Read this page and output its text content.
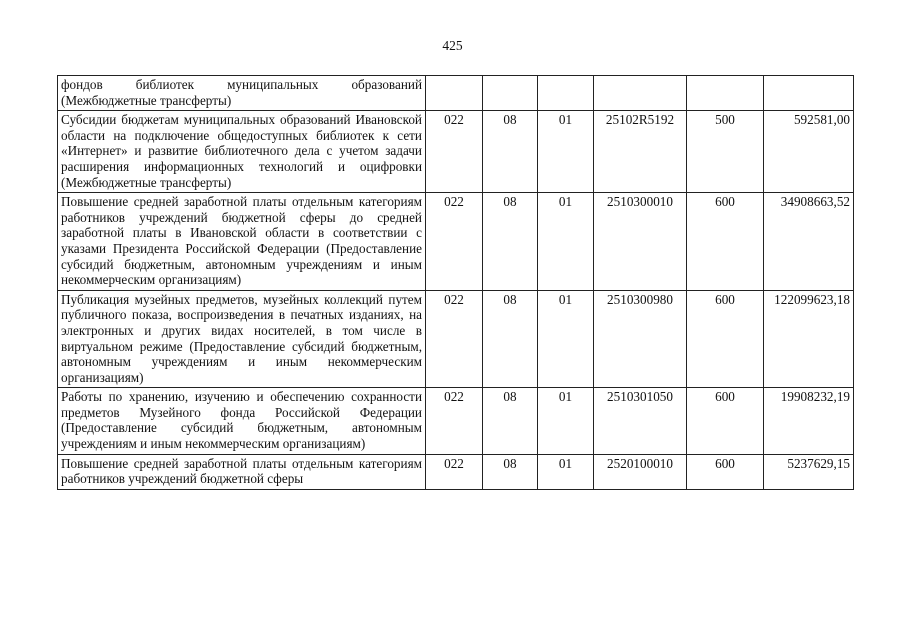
425
фондов библиотек муниципальных образований (Межбюджетные трансферты)						
Субсидии бюджетам муниципальных образований Ивановской области на подключение общедоступных библиотек к сети «Интернет» и развитие библиотечного дела с учетом задачи расширения информационных технологий и оцифровки (Межбюджетные трансферты)	022	08	01	25102R5192	500	592581,00
Повышение средней заработной платы отдельным категориям работников учреждений бюджетной сферы до средней заработной платы в Ивановской области в соответствии с указами Президента Российской Федерации (Предоставление субсидий бюджетным, автономным учреждениям и иным некоммерческим организациям)	022	08	01	2510300010	600	34908663,52
Публикация музейных предметов, музейных коллекций путем публичного показа, воспроизведения в печатных изданиях, на электронных и других видах носителей, в том числе в виртуальном режиме (Предоставление субсидий бюджетным, автономным учреждениям и иным некоммерческим организациям)	022	08	01	2510300980	600	122099623,18
Работы по хранению, изучению и обеспечению сохранности предметов Музейного фонда Российской Федерации (Предоставление субсидий бюджетным, автономным учреждениям и иным некоммерческим организациям)	022	08	01	2510301050	600	19908232,19
Повышение средней заработной платы отдельным категориям работников учреждений бюджетной сферы	022	08	01	2520100010	600	5237629,15
